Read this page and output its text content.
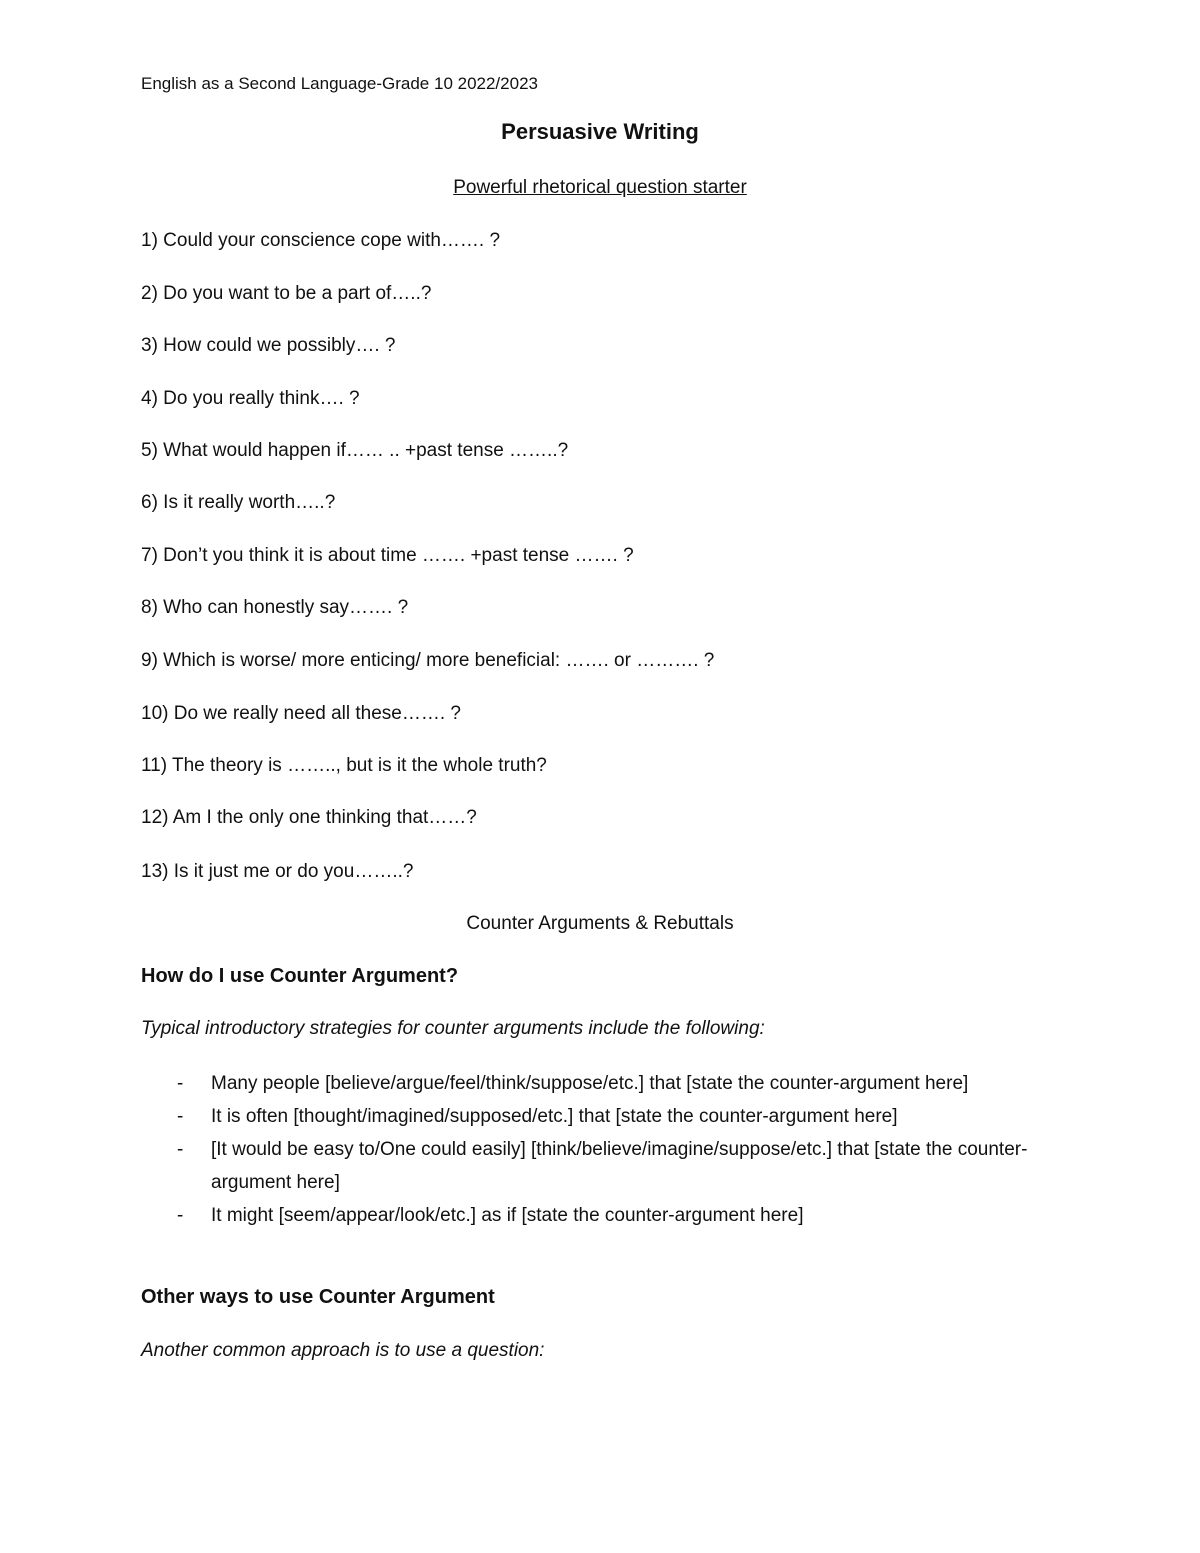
English as a Second Language-Grade 10 2022/2023
Persuasive Writing
Powerful rhetorical question starter
1) Could your conscience cope with……. ?
2) Do you want to be a part of…..?
3) How could we possibly…. ?
4) Do you really think…. ?
5) What would happen if…… .. +past tense ……..?
6) Is it really worth…..?
7) Don’t you think it is about time ……. +past tense ……. ?
8) Who can honestly say……. ?
9) Which is worse/ more enticing/ more beneficial: ……. or ………. ?
10) Do we really need all these……. ?
11) The theory is …….., but is it the whole truth?
12) Am I the only one thinking that……?
13) Is it just me or do you……..?
Counter Arguments & Rebuttals
How do I use Counter Argument?
Typical introductory strategies for counter arguments include the following:
- Many people [believe/argue/feel/think/suppose/etc.] that [state the counter-argument here]
- It is often [thought/imagined/supposed/etc.] that [state the counter-argument here]
- [It would be easy to/One could easily] [think/believe/imagine/suppose/etc.] that [state the counter-argument here]
- It might [seem/appear/look/etc.] as if [state the counter-argument here]
Other ways to use Counter Argument
Another common approach is to use a question:
